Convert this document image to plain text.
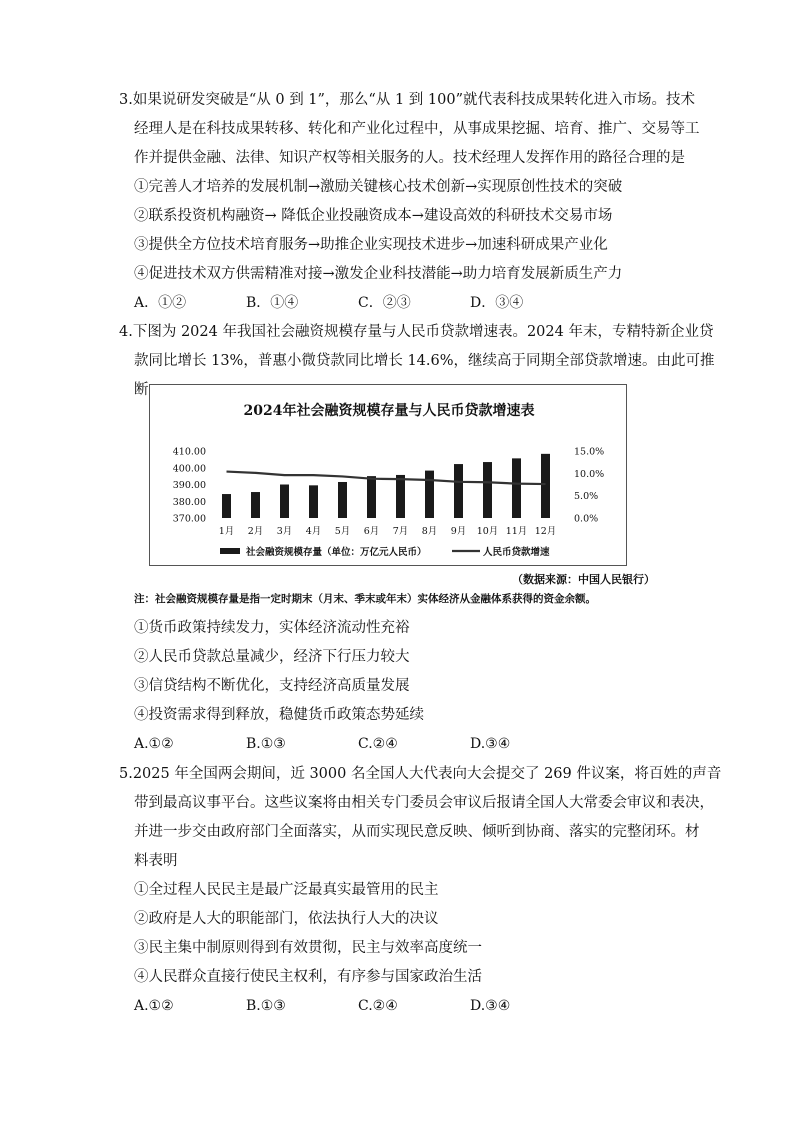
3.如果说研发突破是“从 0 到 1”，那么“从 1 到 100”就代表科技成果转化进入市场。技术
经理人是在科技成果转移、转化和产业化过程中，从事成果挖掘、培育、推广、交易等工
作并提供金融、法律、知识产权等相关服务的人。技术经理人发挥作用的路径合理的是
①完善人才培养的发展机制→激励关键核心技术创新→实现原创性技术的突破
②联系投资机构融资→ 降低企业投融资成本→建设高效的科研技术交易市场
③提供全方位技术培育服务→助推企业实现技术进步→加速科研成果产业化
④促进技术双方供需精准对接→激发企业科技潜能→助力培育发展新质生产力
A．①②	B．①④	C．②③	D．③④
4.下图为 2024 年我国社会融资规模存量与人民币贷款增速表。2024 年末，专精特新企业贷
款同比增长 13%，普惠小微贷款同比增长 14.6%，继续高于同期全部贷款增速。由此可推
断
2024年社会融资规模存量与人民币贷款增速表
370.00
380.00
390.00
400.00
410.00
0.0%
5.0%
10.0%
15.0%
1月 2月 3月 4月 5月 6月 7月 8月 9月 10月 11月 12月
社会融资规模存量（单位：万亿元人民币）	人民币贷款增速
（数据来源：中国人民银行）
注：社会融资规模存量是指一定时期末（月末、季末或年末）实体经济从金融体系获得的资金余额。
①货币政策持续发力，实体经济流动性充裕
②人民币贷款总量减少，经济下行压力较大
③信贷结构不断优化，支持经济高质量发展
④投资需求得到释放，稳健货币政策态势延续
A.①②	B.①③	C.②④	D.③④
5.2025 年全国两会期间，近 3000 名全国人大代表向大会提交了 269 件议案，将百姓的声音
带到最高议事平台。这些议案将由相关专门委员会审议后报请全国人大常委会审议和表决，
并进一步交由政府部门全面落实，从而实现民意反映、倾听到协商、落实的完整闭环。材
料表明
①全过程人民民主是最广泛最真实最管用的民主
②政府是人大的职能部门，依法执行人大的决议
③民主集中制原则得到有效贯彻，民主与效率高度统一
④人民群众直接行使民主权利，有序参与国家政治生活
A.①②	B.①③	C.②④	D.③④
